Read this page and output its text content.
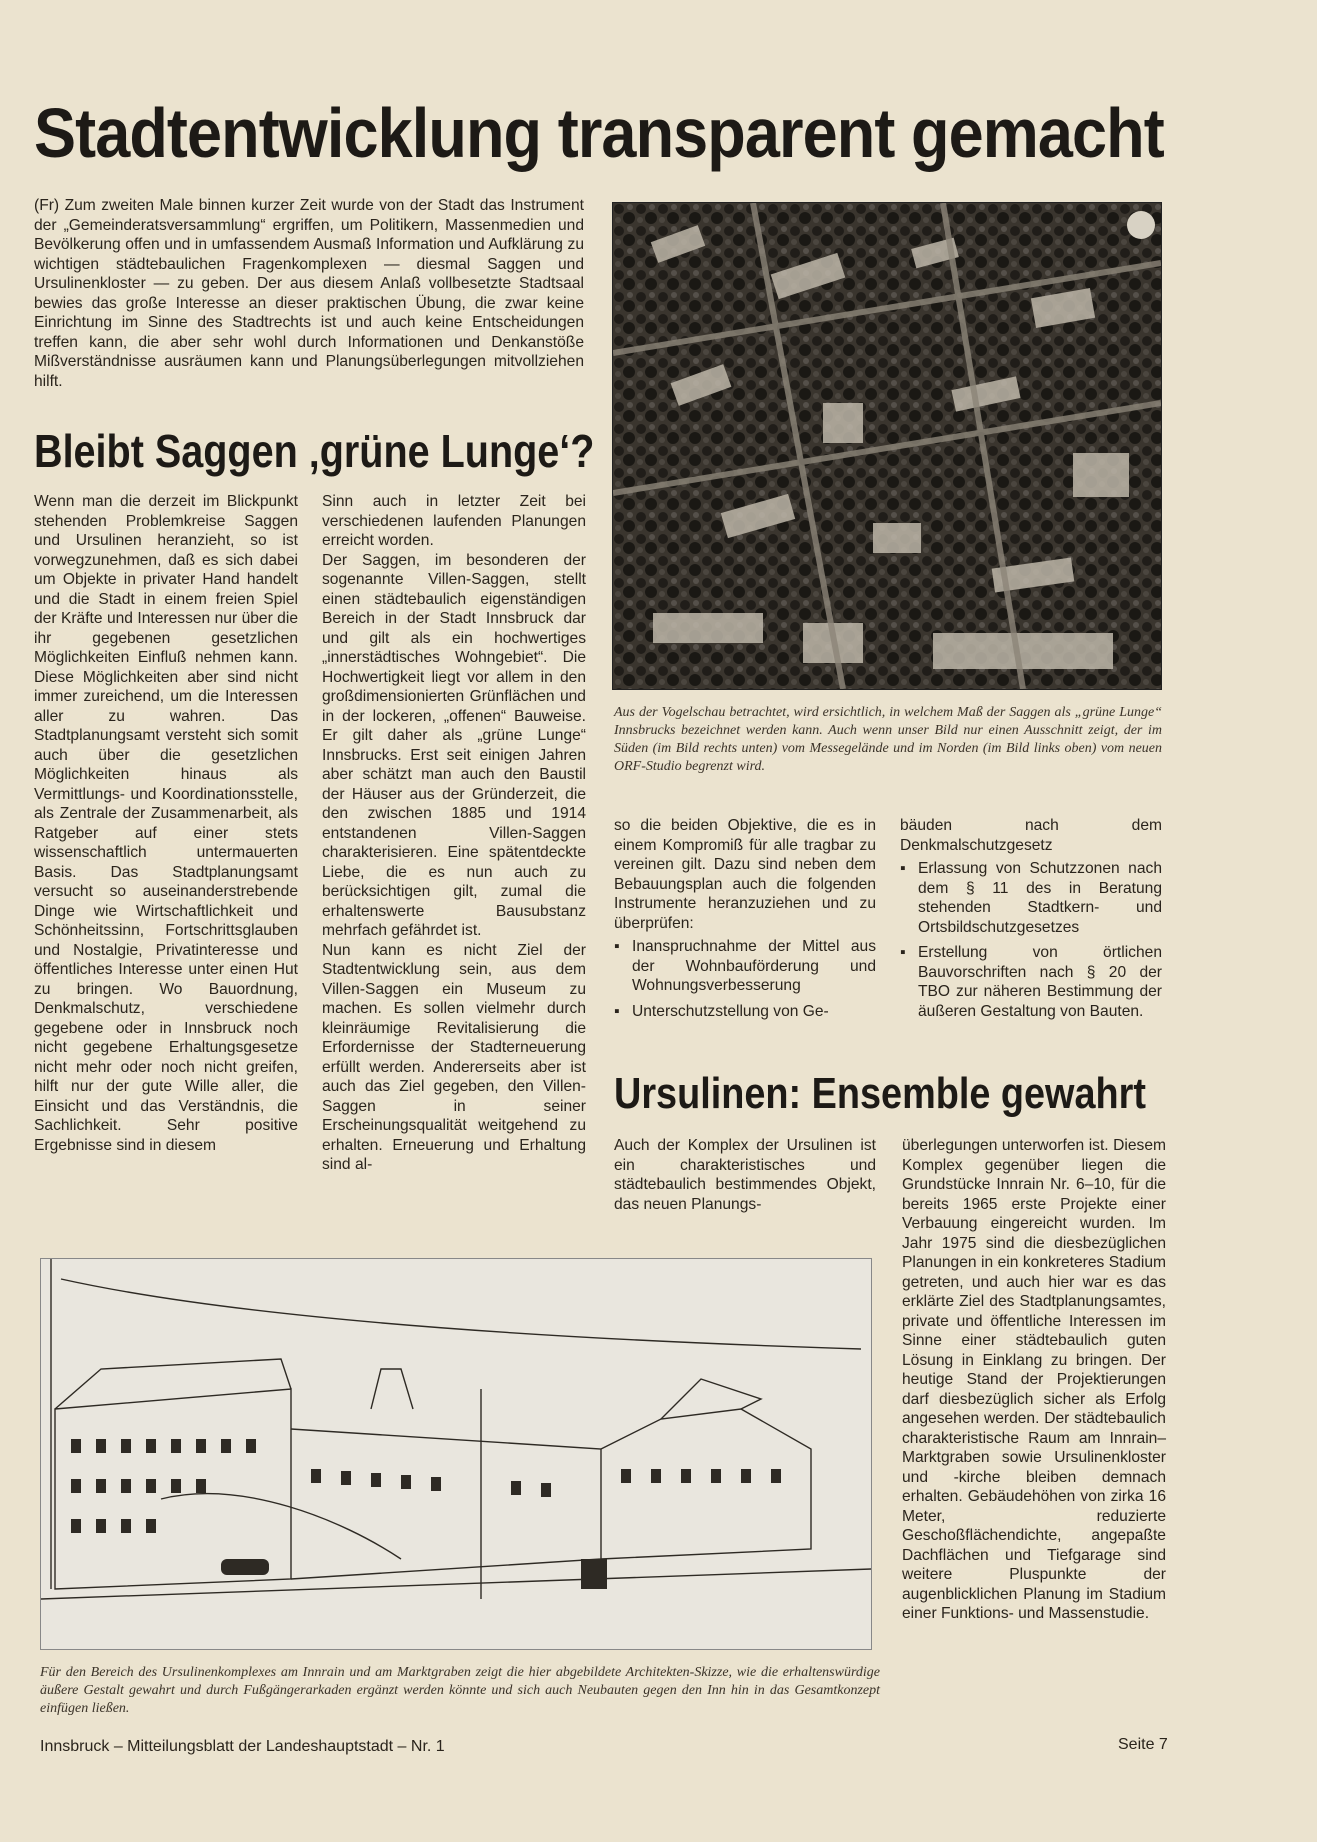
Stadtentwicklung transparent gemacht
(Fr) Zum zweiten Male binnen kurzer Zeit wurde von der Stadt das Instrument der „Gemeinderatsversammlung“ ergriffen, um Politikern, Massenmedien und Bevölkerung offen und in umfassendem Ausmaß Information und Aufklärung zu wichtigen städtebaulichen Fragenkomplexen — diesmal Saggen und Ursulinenkloster — zu geben. Der aus diesem Anlaß vollbesetzte Stadtsaal bewies das große Interesse an dieser praktischen Übung, die zwar keine Einrichtung im Sinne des Stadtrechts ist und auch keine Entscheidungen treffen kann, die aber sehr wohl durch Informationen und Denkanstöße Mißverständnisse ausräumen kann und Planungsüberlegungen mitvollziehen hilft.
Bleibt Saggen ‚grüne Lunge‘?
Wenn man die derzeit im Blickpunkt stehenden Problemkreise Saggen und Ursulinen heranzieht, so ist vorwegzunehmen, daß es sich dabei um Objekte in privater Hand handelt und die Stadt in einem freien Spiel der Kräfte und Interessen nur über die ihr gegebenen gesetzlichen Möglichkeiten Einfluß nehmen kann. Diese Möglichkeiten aber sind nicht immer zureichend, um die Interessen aller zu wahren. Das Stadtplanungsamt versteht sich somit auch über die gesetzlichen Möglichkeiten hinaus als Vermittlungs- und Koordinationsstelle, als Zentrale der Zusammenarbeit, als Ratgeber auf einer stets wissenschaftlich untermauerten Basis. Das Stadtplanungsamt versucht so auseinanderstrebende Dinge wie Wirtschaftlichkeit und Schönheitssinn, Fortschrittsglauben und Nostalgie, Privatinteresse und öffentliches Interesse unter einen Hut zu bringen. Wo Bauordnung, Denkmalschutz, verschiedene gegebene oder in Innsbruck noch nicht gegebene Erhaltungsgesetze nicht mehr oder noch nicht greifen, hilft nur der gute Wille aller, die Einsicht und das Verständnis, die Sachlichkeit. Sehr positive Ergebnisse sind in diesem

Sinn auch in letzter Zeit bei verschiedenen laufenden Planungen erreicht worden.

Der Saggen, im besonderen der sogenannte Villen-Saggen, stellt einen städtebaulich eigenständigen Bereich in der Stadt Innsbruck dar und gilt als ein hochwertiges „innerstädtisches Wohngebiet“. Die Hochwertigkeit liegt vor allem in den großdimensionierten Grünflächen und in der lockeren, „offenen“ Bauweise. Er gilt daher als „grüne Lunge“ Innsbrucks. Erst seit einigen Jahren aber schätzt man auch den Baustil der Häuser aus der Gründerzeit, die den zwischen 1885 und 1914 entstandenen Villen-Saggen charakterisieren. Eine spätentdeckte Liebe, die es nun auch zu berücksichtigen gilt, zumal die erhaltenswerte Bausubstanz mehrfach gefährdet ist.

Nun kann es nicht Ziel der Stadtentwicklung sein, aus dem Villen-Saggen ein Museum zu machen. Es sollen vielmehr durch kleinräumige Revitalisierung die Erfordernisse der Stadterneuerung erfüllt werden. Andererseits aber ist auch das Ziel gegeben, den Villen-Saggen in seiner Erscheinungsqualität weitgehend zu erhalten. Erneuerung und Erhaltung sind al-

Aus der Vogelschau betrachtet, wird ersichtlich, in welchem Maß der Saggen als „grüne Lunge“ Innsbrucks bezeichnet werden kann. Auch wenn unser Bild nur einen Ausschnitt zeigt, der im Süden (im Bild rechts unten) vom Messegelände und im Norden (im Bild links oben) vom neuen ORF-Studio begrenzt wird.

so die beiden Objektive, die es in einem Kompromiß für alle tragbar zu vereinen gilt. Dazu sind neben dem Bebauungsplan auch die folgenden Instrumente heranzuziehen und zu überprüfen:

▪ Inanspruchnahme der Mittel aus der Wohnbauförderung und Wohnungsverbesserung
▪ Unterschutzstellung von Ge-

bäuden nach dem Denkmalschutzgesetz

▪ Erlassung von Schutzzonen nach dem § 11 des in Beratung stehenden Stadtkern- und Ortsbildschutzgesetzes
▪ Erstellung von örtlichen Bauvorschriften nach § 20 der TBO zur näheren Bestimmung der äußeren Gestaltung von Bauten.
Ursulinen: Ensemble gewahrt
Auch der Komplex der Ursulinen ist ein charakteristisches und städtebaulich bestimmendes Objekt, das neuen Planungs-
überlegungen unterworfen ist. Diesem Komplex gegenüber liegen die Grundstücke Innrain Nr. 6–10, für die bereits 1965 erste Projekte einer Verbauung eingereicht wurden. Im Jahr 1975 sind die diesbezüglichen Planungen in ein konkreteres Stadium getreten, und auch hier war es das erklärte Ziel des Stadtplanungsamtes, private und öffentliche Interessen im Sinne einer städtebaulich guten Lösung in Einklang zu bringen. Der heutige Stand der Projektierungen darf diesbezüglich sicher als Erfolg angesehen werden. Der städtebaulich charakteristische Raum am Innrain–Marktgraben sowie Ursulinenkloster und -kirche bleiben demnach erhalten. Gebäudehöhen von zirka 16 Meter, reduzierte Geschoßflächendichte, angepaßte Dachflächen und Tiefgarage sind weitere Pluspunkte der augenblicklichen Planung im Stadium einer Funktions- und Massenstudie.
Für den Bereich des Ursulinenkomplexes am Innrain und am Marktgraben zeigt die hier abgebildete Architekten-Skizze, wie die erhaltenswürdige äußere Gestalt gewahrt und durch Fußgängerarkaden ergänzt werden könnte und sich auch Neubauten gegen den Inn hin in das Gesamtkonzept einfügen ließen.
Innsbruck – Mitteilungsblatt der Landeshauptstadt – Nr. 1	Seite 7
